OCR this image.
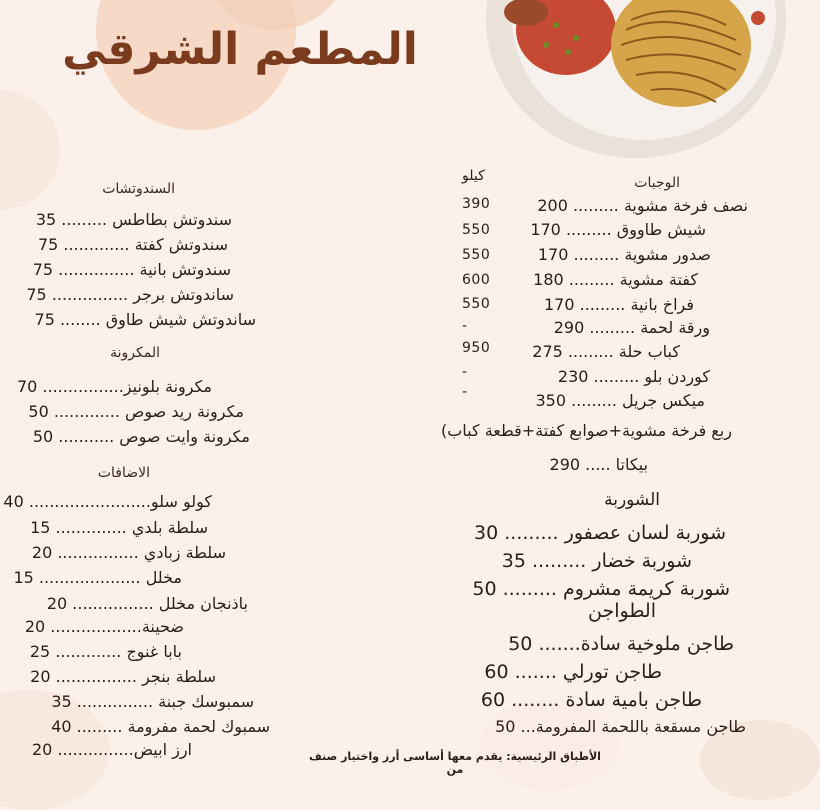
المطعم الشرقي
السندوتشات
سندوتش بطاطس ......... 35
سندوتش كفتة ............. 75
سندوتش بانية ............... 75
ساندوتش برجر ............... 75
ساندوتش شيش طاوق ........ 75
المكرونة
مكرونة بلونيز................ 70
مكرونة ريد صوص ............. 50
مكرونة وايت صوص ........... 50
الاضافات
كولو سلو........................ 40
سلطة بلدي .............. 15
سلطة زبادي ................ 20
مخلل .................... 15
باذنجان مخلل ................ 20
ضحينة.................. 20
بابا غنوج ............. 25
سلطة بنجر ................ 20
سمبوسك جبنة ............... 35
سمبوك لحمة مفرومة ......... 40
ارز ابيض............... 20
الوجبات
نصف فرخة مشوية ......... 200
شيش طاووق ......... 170
صدور مشوية ......... 170
كفتة مشوية ......... 180
فراخ بانية ......... 170
ورقة لحمة ......... 290
كباب حلة ......... 275
كوردن بلو ......... 230
ميكس جريل ......... 350
كيلو
390
550
550
600
550
-
950
-
-
ربع فرخة مشوية+صوابع كفتة+قطعة كباب)
بيكاتا ..... 290
الشوربة
شوربة لسان عصفور ......... 30
شوربة خضار ......... 35
شوربة كريمة مشروم ......... 50
الطواجن
طاجن ملوخية سادة....... 50
طاجن تورلي ....... 60
طاجن بامية سادة ........ 60
طاجن مسقعة باللحمة المفرومة... 50
الأطباق الرئيسية: يقدم معها أساسى أرز واختيار صنف من
